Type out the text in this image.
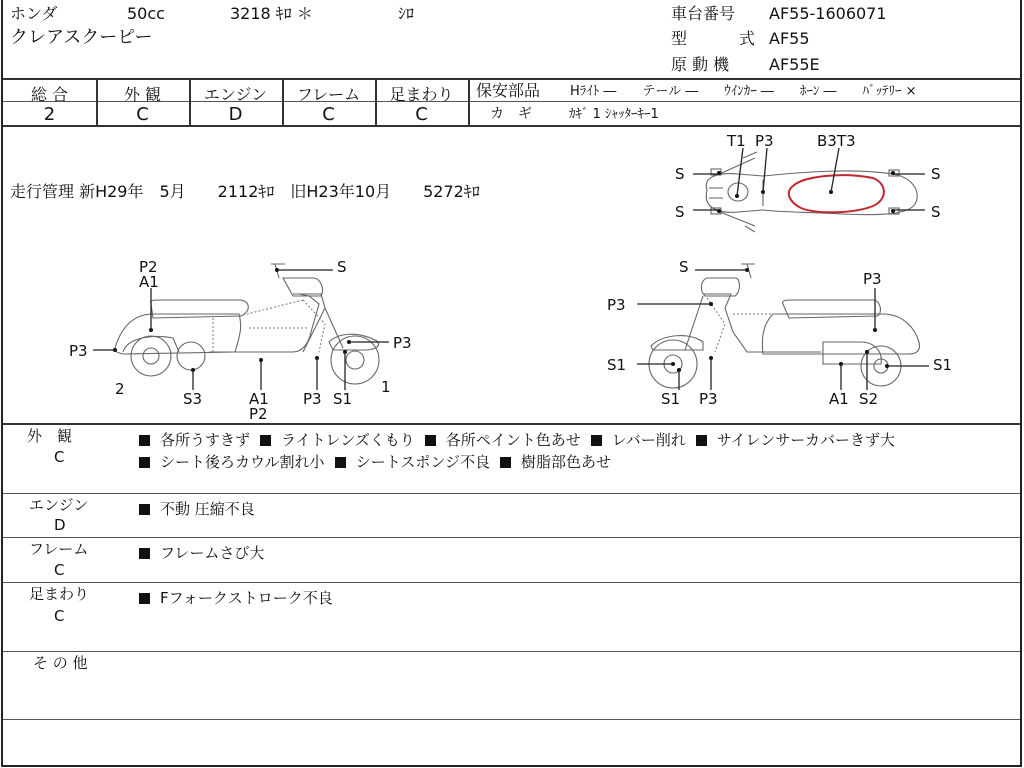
ホンダ	50cc	3218 ｷﾛ ＊	ｼﾛ
クレアスクーピー
車台番号 AF55-1606071
型	式 AF55
原 動 機 AF55E
総 合
2
外 観
C
エンジン
D
フレーム
C
足まわり
C
保安部品 Hﾗｲﾄ ―　　テール ―　　ｳｲﾝｶｰ ―　　ﾎｰﾝ ―　　ﾊﾞｯﾃﾘｰ ×
カ　ギ	ｶｷﾞ 1 ｼｬｯﾀｰｷｰ1
走行管理 新H29年　5月　　2112ｷﾛ　旧H23年10月　　5272ｷﾛ
T1 P3	B3T3
S
S
S
S
P2
A1
P3
2
S3	A1
P2
P3 S1
P3
1
S
P3
P3
S1
S1 P3	A1 S2
S1
S
外　観
C
各所うすきず ライトレンズくもり 各所ペイント色あせ レバー削れ サイレンサーカバーきず大
シート後ろカウル割れ小 シートスポンジ不良 樹脂部色あせ
エンジン
D
不動 圧縮不良
フレーム
C
フレームさび大
足まわり
C
Fフォークストローク不良
そ の 他
